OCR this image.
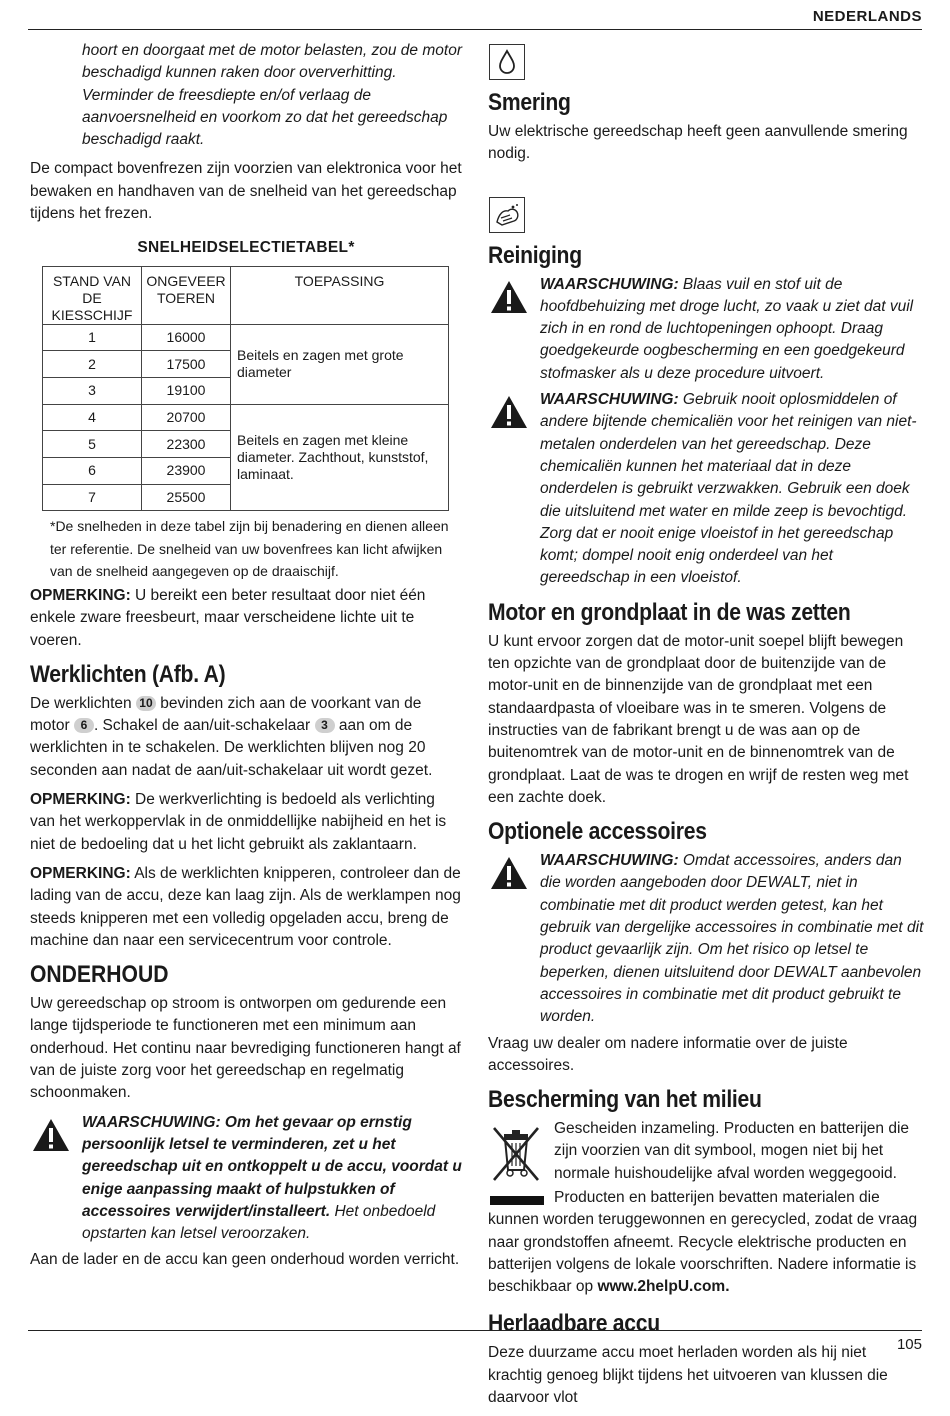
NEDERLANDS

hoort en doorgaat met de motor belasten, zou de motor beschadigd kunnen raken door oververhitting. Verminder de freesdiepte en/of verlaag de aanvoersnelheid en voorkom zo dat het gereedschap beschadigd raakt.

De compact bovenfrezen zijn voorzien van elektronica voor het bewaken en handhaven van de snelheid van het gereedschap tijdens het frezen.

SNELHEIDSELECTIETABEL*
STAND VAN DE KIESSCHIJF	ONGEVEER TOEREN	TOEPASSING
1	16000	Beitels en zagen met grote diameter
2	17500	
3	19100	
4	20700	Beitels en zagen met kleine diameter. Zachthout, kunststof, laminaat.
5	22300	
6	23900	
7	25500	
*De snelheden in deze tabel zijn bij benadering en dienen alleen ter referentie. De snelheid van uw bovenfrees kan licht afwijken van de snelheid aangegeven op de draaischijf.

OPMERKING: U bereikt een beter resultaat door niet één enkele zware freesbeurt, maar verscheidene lichte uit te voeren.

Werklichten (Afb. A)

De werklichten 10 bevinden zich aan de voorkant van de motor 6 . Schakel de aan/uit-schakelaar 3 aan om de werklichten in te schakelen. De werklichten blijven nog 20 seconden aan nadat de aan/uit-schakelaar uit wordt gezet.

OPMERKING: De werkverlichting is bedoeld als verlichting van het werkoppervlak in de onmiddellijke nabijheid en het is niet de bedoeling dat u het licht gebruikt als zaklantaarn.

OPMERKING: Als de werklichten knipperen, controleer dan de lading van de accu, deze kan laag zijn. Als de werklampen nog steeds knipperen met een volledig opgeladen accu, breng de machine dan naar een servicecentrum voor controle.

ONDERHOUD

Uw gereedschap op stroom is ontworpen om gedurende een lange tijdsperiode te functioneren met een minimum aan onderhoud. Het continu naar bevrediging functioneren hangt af van de juiste zorg voor het gereedschap en regelmatig schoonmaken.

WAARSCHUWING: Om het gevaar op ernstig persoonlijk letsel te verminderen, zet u het gereedschap uit en ontkoppelt u de accu, voordat u enige aanpassing maakt of hulpstukken of accessoires verwijdert/installeert. Het onbedoeld opstarten kan letsel veroorzaken.

Aan de lader en de accu kan geen onderhoud worden verricht.

Smering

Uw elektrische gereedschap heeft geen aanvullende smering nodig.

Reiniging
WAARSCHUWING: Blaas vuil en stof uit de hoofdbehuizing met droge lucht, zo vaak u ziet dat vuil zich in en rond de luchtopeningen ophoopt. Draag goedgekeurde oogbescherming en een goedgekeurd stofmasker als u deze procedure uitvoert.
WAARSCHUWING: Gebruik nooit oplosmiddelen of andere bijtende chemicaliën voor het reinigen van niet-metalen onderdelen van het gereedschap. Deze chemicaliën kunnen het materiaal dat in deze onderdelen is gebruikt verzwakken. Gebruik een doek die uitsluitend met water en milde zeep is bevochtigd. Zorg dat er nooit enige vloeistof in het gereedschap komt; dompel nooit enig onderdeel van het gereedschap in een vloeistof.
Motor en grondplaat in de was zetten

U kunt ervoor zorgen dat de motor-unit soepel blijft bewegen ten opzichte van de grondplaat door de buitenzijde van de motor-unit en de binnenzijde van de grondplaat met een standaardpasta of vloeibare was in te smeren. Volgens de instructies van de fabrikant brengt u de was aan op de buitenomtrek van de motor-unit en de binnenomtrek van de grondplaat. Laat de was te drogen en wrijf de resten weg met een zachte doek.

Optionele accessoires
WAARSCHUWING: Omdat accessoires, anders dan die worden aangeboden door DEWALT, niet in combinatie met dit product werden getest, kan het gebruik van dergelijke accessoires in combinatie met dit product gevaarlijk zijn. Om het risico op letsel te beperken, dienen uitsluitend door DEWALT aanbevolen accessoires in combinatie met dit product gebruikt te worden.

Vraag uw dealer om nadere informatie over de juiste accessoires.

Bescherming van het milieu

Gescheiden inzameling. Producten en batterijen die zijn voorzien van dit symbool, mogen niet bij het normale huishoudelijke afval worden weggegooid.

Producten en batterijen bevatten materialen die kunnen worden teruggewonnen en gerecycled, zodat de vraag naar grondstoffen afneemt. Recycle elektrische producten en batterijen volgens de lokale voorschriften. Nadere informatie is beschikbaar op www.2helpU.com.

Herlaadbare accu

Deze duurzame accu moet herladen worden als hij niet krachtig genoeg blijkt tijdens het uitvoeren van klussen die daarvoor vlot

105
